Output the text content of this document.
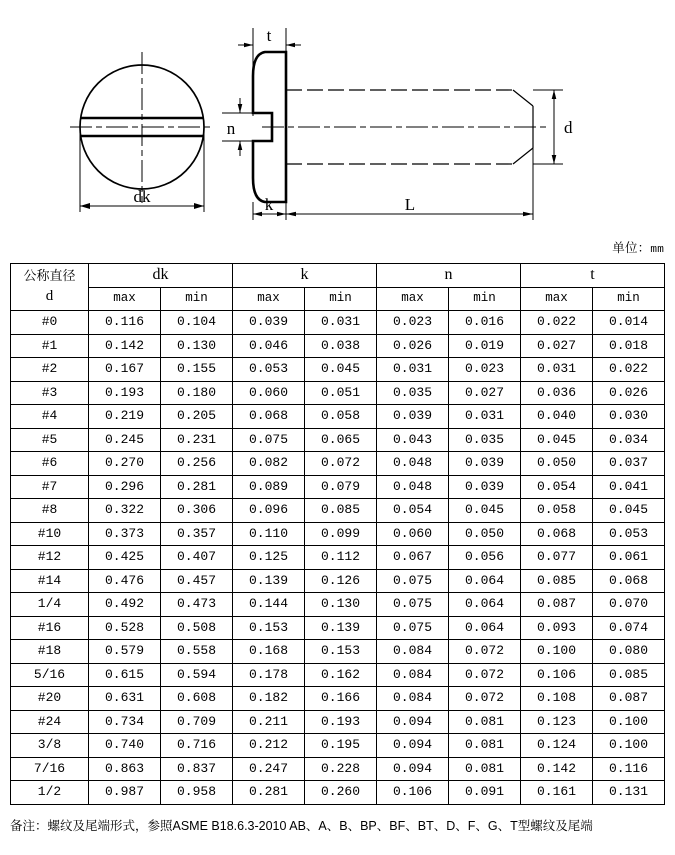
dk
t
n
k	L
d
单位：mm
公称直径
d	dk		k		n		t	
	max	min	max	min	max	min	max	min
#0	0.116	0.104	0.039	0.031	0.023	0.016	0.022	0.014
#1	0.142	0.130	0.046	0.038	0.026	0.019	0.027	0.018
#2	0.167	0.155	0.053	0.045	0.031	0.023	0.031	0.022
#3	0.193	0.180	0.060	0.051	0.035	0.027	0.036	0.026
#4	0.219	0.205	0.068	0.058	0.039	0.031	0.040	0.030
#5	0.245	0.231	0.075	0.065	0.043	0.035	0.045	0.034
#6	0.270	0.256	0.082	0.072	0.048	0.039	0.050	0.037
#7	0.296	0.281	0.089	0.079	0.048	0.039	0.054	0.041
#8	0.322	0.306	0.096	0.085	0.054	0.045	0.058	0.045
#10	0.373	0.357	0.110	0.099	0.060	0.050	0.068	0.053
#12	0.425	0.407	0.125	0.112	0.067	0.056	0.077	0.061
#14	0.476	0.457	0.139	0.126	0.075	0.064	0.085	0.068
1/4	0.492	0.473	0.144	0.130	0.075	0.064	0.087	0.070
#16	0.528	0.508	0.153	0.139	0.075	0.064	0.093	0.074
#18	0.579	0.558	0.168	0.153	0.084	0.072	0.100	0.080
5/16	0.615	0.594	0.178	0.162	0.084	0.072	0.106	0.085
#20	0.631	0.608	0.182	0.166	0.084	0.072	0.108	0.087
#24	0.734	0.709	0.211	0.193	0.094	0.081	0.123	0.100
3/8	0.740	0.716	0.212	0.195	0.094	0.081	0.124	0.100
7/16	0.863	0.837	0.247	0.228	0.094	0.081	0.142	0.116
1/2	0.987	0.958	0.281	0.260	0.106	0.091	0.161	0.131
备注：螺纹及尾端形式，参照ASME B18.6.3-2010 AB、A、B、BP、BF、BT、D、F、G、T型螺纹及尾端
